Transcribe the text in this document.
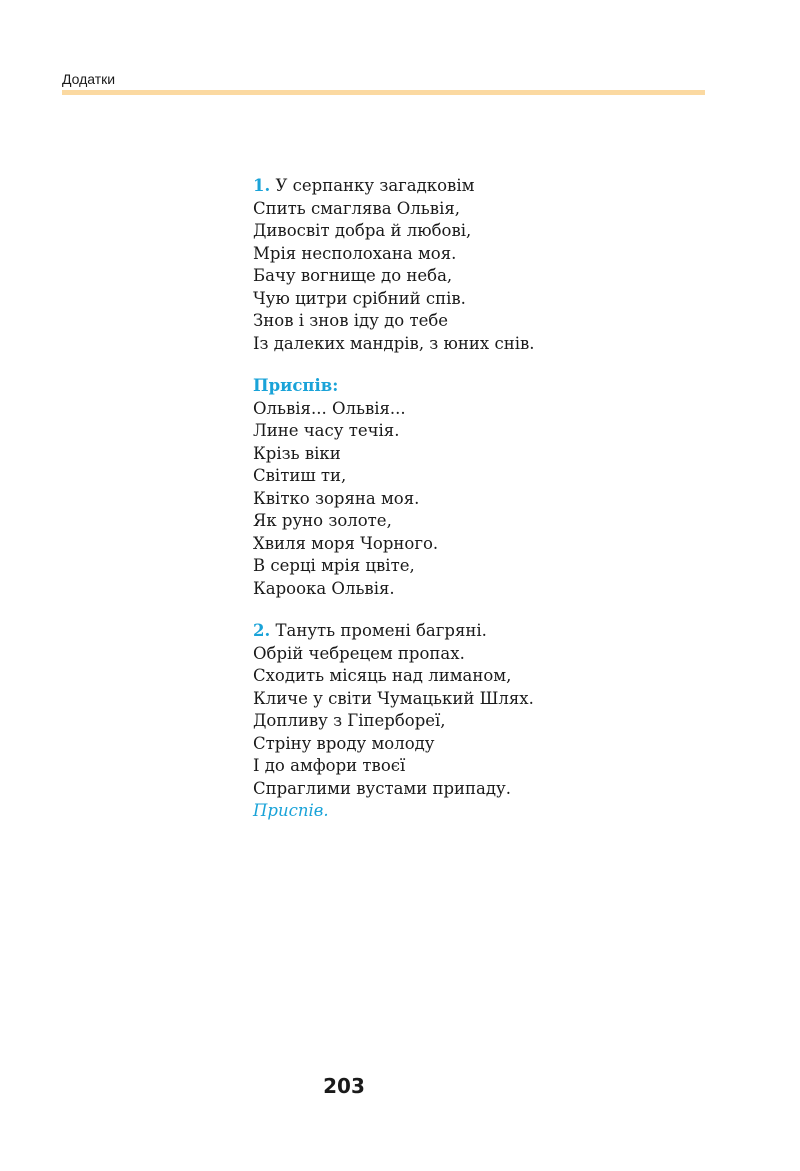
Додатки
1. У серпанку загадковім
Спить смаглява Ольвія,
Дивосвіт добра й любові,
Мрія несполохана моя.
Бачу вогнище до неба,
Чую цитри срібний спів.
Знов і знов іду до тебе
Із далеких мандрів, з юних снів.
Приспів:
Ольвія... Ольвія...
Лине часу течія.
Крізь віки
Світиш ти,
Квітко зоряна моя.
Як руно золоте,
Хвиля моря Чорного.
В серці мрія цвіте,
Кароока Ольвія.
2. Тануть промені багряні.
Обрій чебрецем пропах.
Сходить місяць над лиманом,
Кличе у світи Чумацький Шлях.
Допливу з Гіпербореї,
Стріну вроду молоду
І до амфори твоєї
Спраглими вустами припаду.
Приспів.
203
